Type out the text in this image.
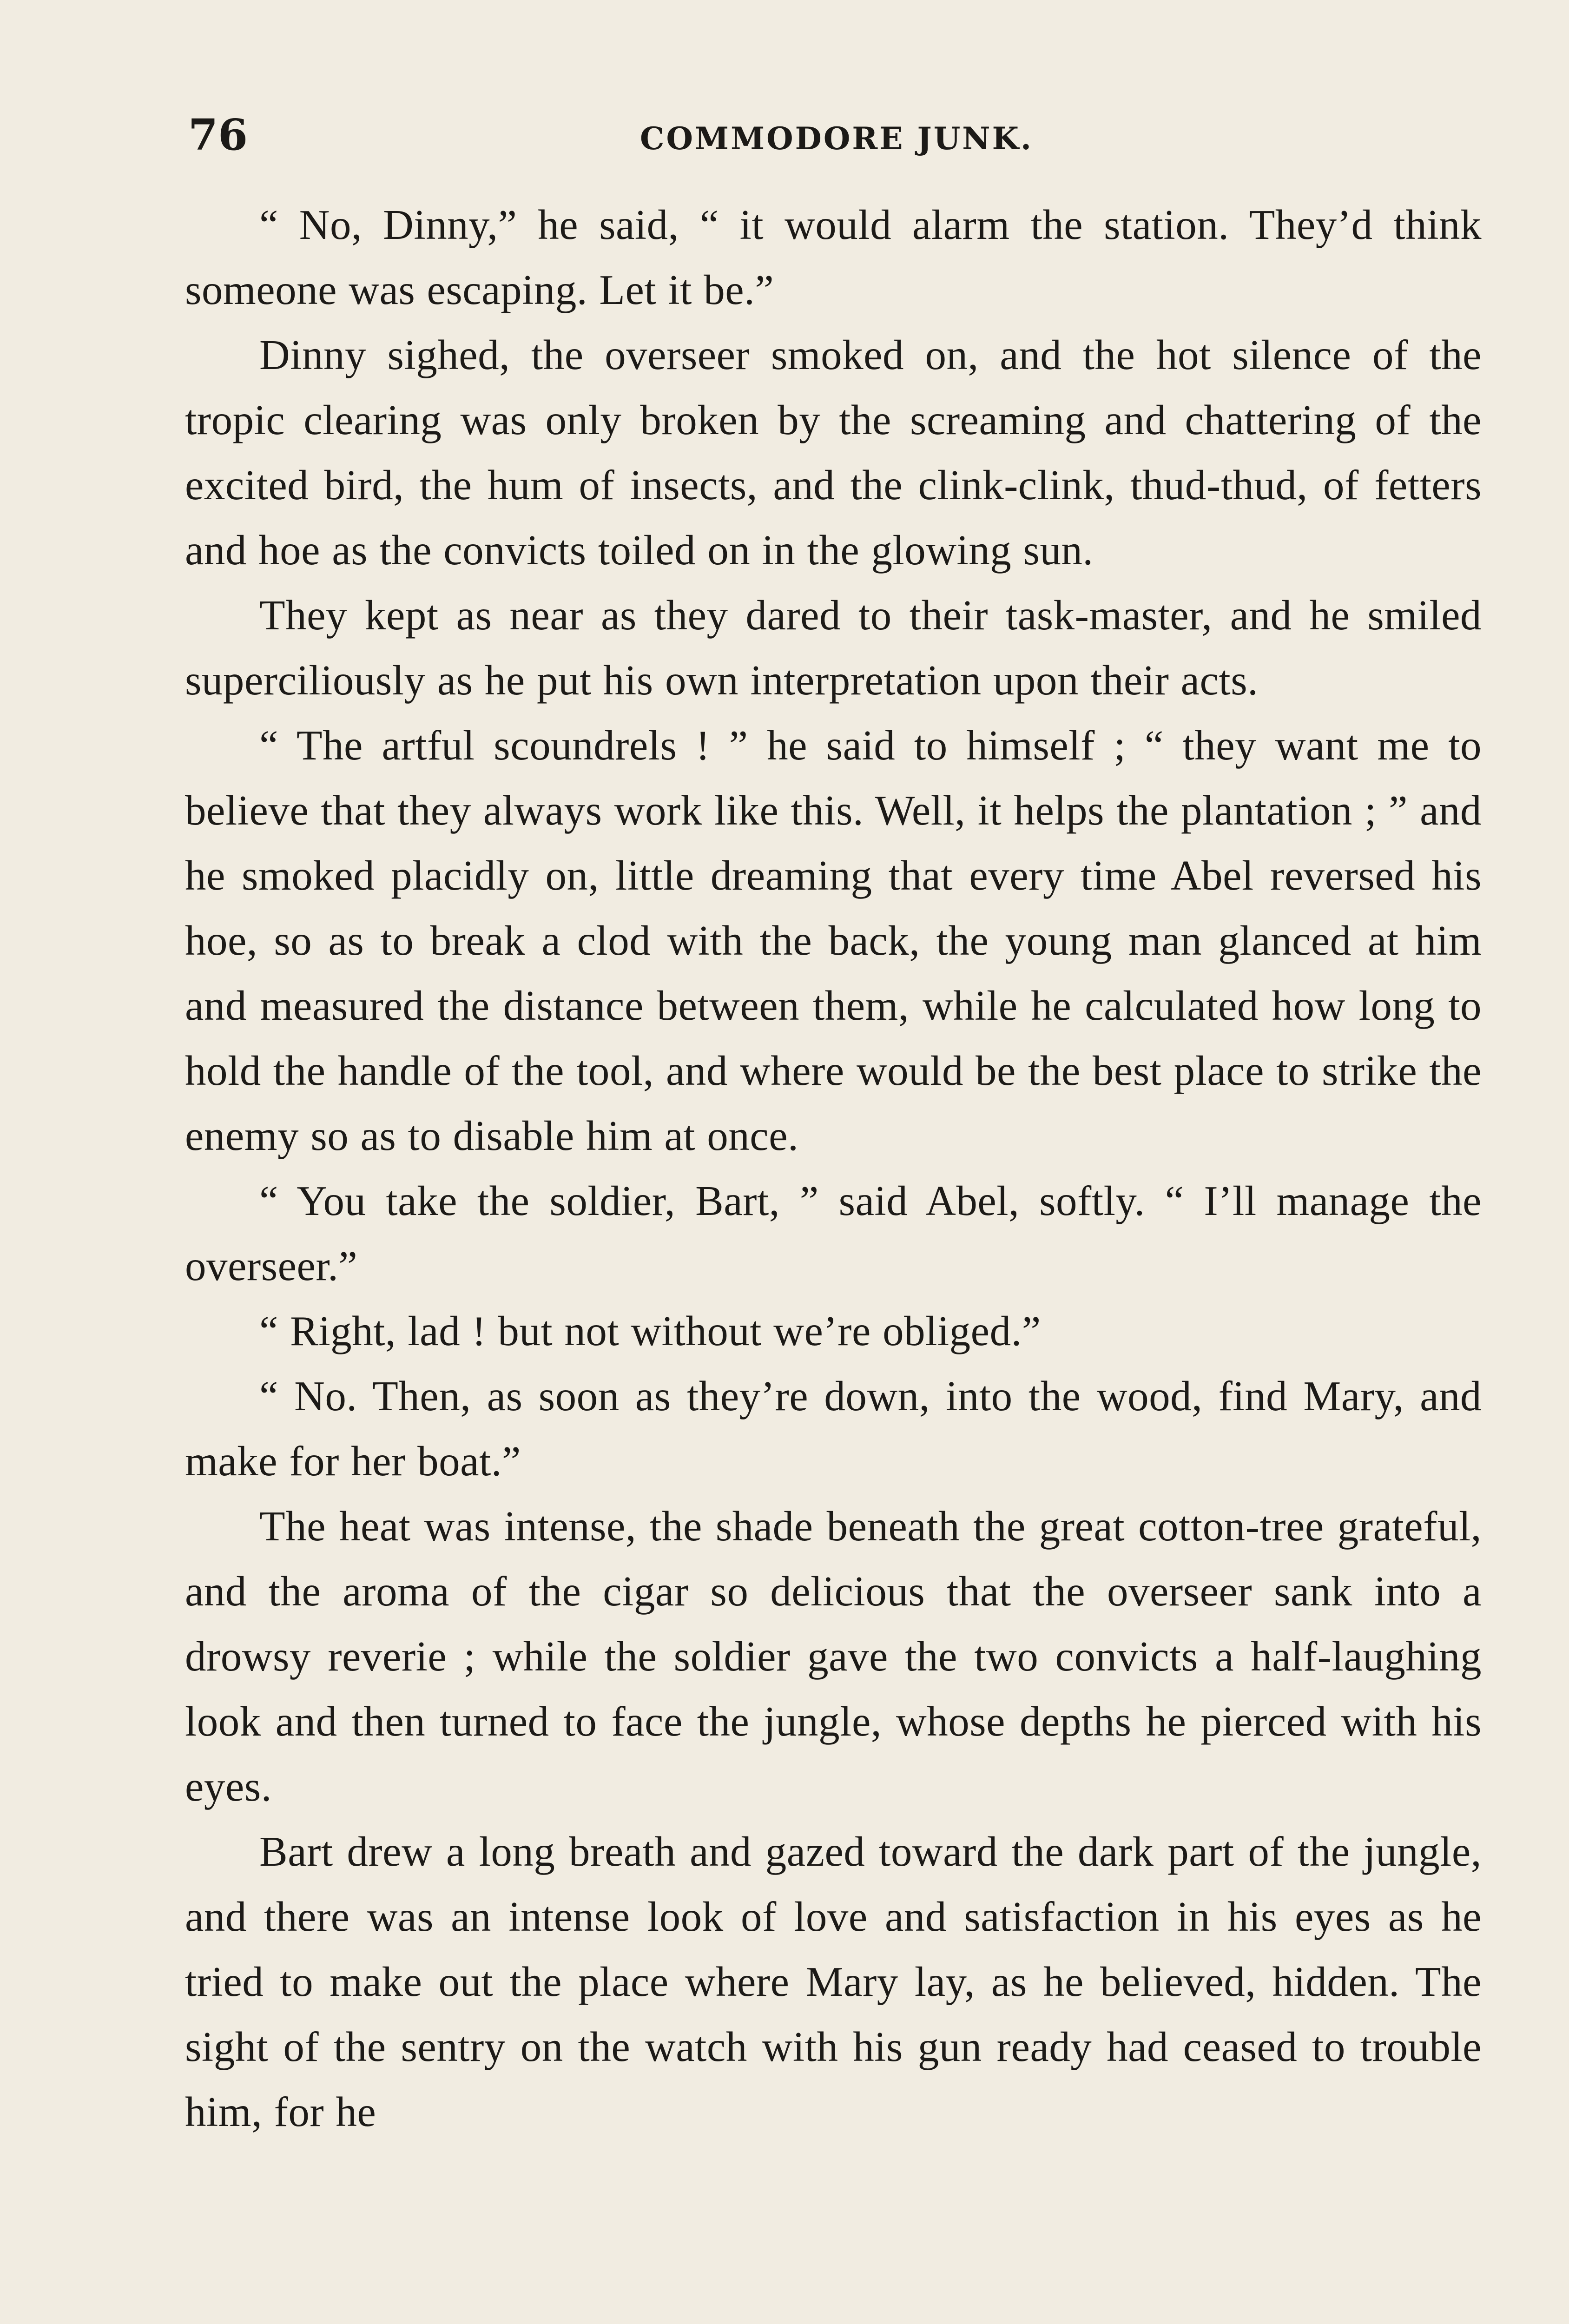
76	COMMODORE JUNK.

“ No, Dinny,” he said, “ it would alarm the station. They’d think someone was escaping. Let it be.”

Dinny sighed, the overseer smoked on, and the hot silence of the tropic clearing was only broken by the screaming and chattering of the excited bird, the hum of insects, and the clink-clink, thud-thud, of fetters and hoe as the convicts toiled on in the glowing sun.

They kept as near as they dared to their task-master, and he smiled superciliously as he put his own interpretation upon their acts.

“ The artful scoundrels ! ” he said to himself ; “ they want me to believe that they always work like this. Well, it helps the plantation ; ” and he smoked placidly on, little dreaming that every time Abel reversed his hoe, so as to break a clod with the back, the young man glanced at him and measured the distance between them, while he calculated how long to hold the handle of the tool, and where would be the best place to strike the enemy so as to disable him at once.

“ You take the soldier, Bart, ” said Abel, softly. “ I’ll manage the overseer.”

“ Right, lad ! but not without we’re obliged.”

“ No. Then, as soon as they’re down, into the wood, find Mary, and make for her boat.”

The heat was intense, the shade beneath the great cotton-tree grateful, and the aroma of the cigar so delicious that the overseer sank into a drowsy reverie ; while the soldier gave the two convicts a half-laughing look and then turned to face the jungle, whose depths he pierced with his eyes.

Bart drew a long breath and gazed toward the dark part of the jungle, and there was an intense look of love and satisfaction in his eyes as he tried to make out the place where Mary lay, as he believed, hidden. The sight of the sentry on the watch with his gun ready had ceased to trouble him, for he
